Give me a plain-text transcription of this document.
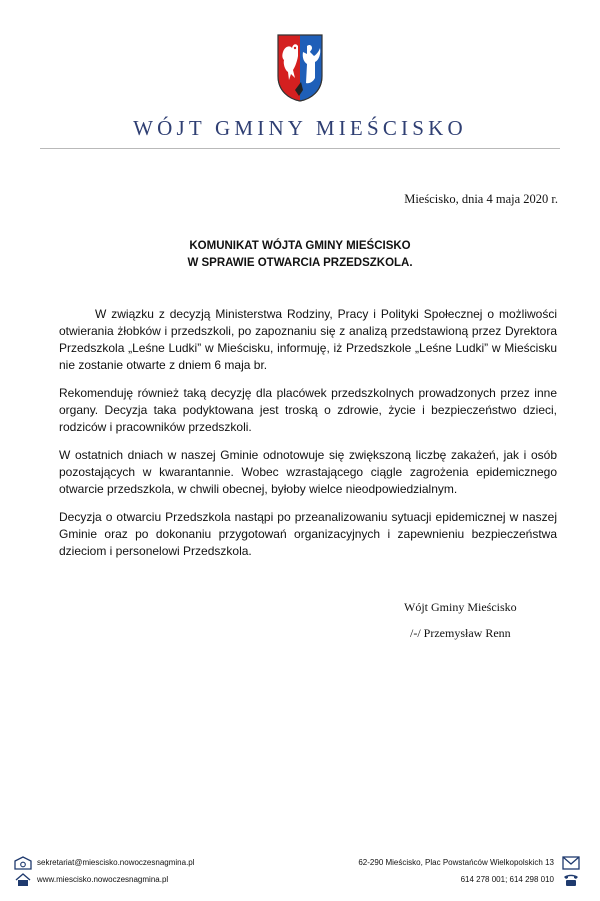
WÓJT GMINY MIEŚCISKO
Mieścisko, dnia 4 maja 2020 r.
KOMUNIKAT WÓJTA GMINY MIEŚCISKO
W SPRAWIE OTWARCIA PRZEDSZKOLA.

W związku z decyzją Ministerstwa Rodziny, Pracy i Polityki Społecznej o możliwości otwierania żłobków i przedszkoli, po zapoznaniu się z analizą przedstawioną przez Dyrektora Przedszkola „Leśne Ludki” w Mieścisku, informuję, iż Przedszkole „Leśne Ludki” w Mieścisku nie zostanie otwarte z dniem 6 maja br.

Rekomenduję również taką decyzję dla placówek przedszkolnych prowadzonych przez inne organy. Decyzja taka podyktowana jest troską o zdrowie, życie i bezpieczeństwo dzieci, rodziców i pracowników przedszkoli.

W ostatnich dniach w naszej Gminie odnotowuje się zwiększoną liczbę zakażeń, jak i osób pozostających w kwarantannie. Wobec wzrastającego ciągle zagrożenia epidemicznego otwarcie przedszkola, w chwili obecnej, byłoby wielce nieodpowiedzialnym.

Decyzja o otwarciu Przedszkola nastąpi po przeanalizowaniu sytuacji epidemicznej w naszej Gminie oraz po dokonaniu przygotowań organizacyjnych i zapewnieniu bezpieczeństwa dzieciom i personelowi Przedszkola.

Wójt Gminy Mieścisko
/-/ Przemysław Renn
sekretariat@miescisko.nowoczesnagmina.pl
www.miescisko.nowoczesnagmina.pl
62-290 Mieścisko, Plac Powstańców Wielkopolskich 13
614 278 001; 614 298 010
